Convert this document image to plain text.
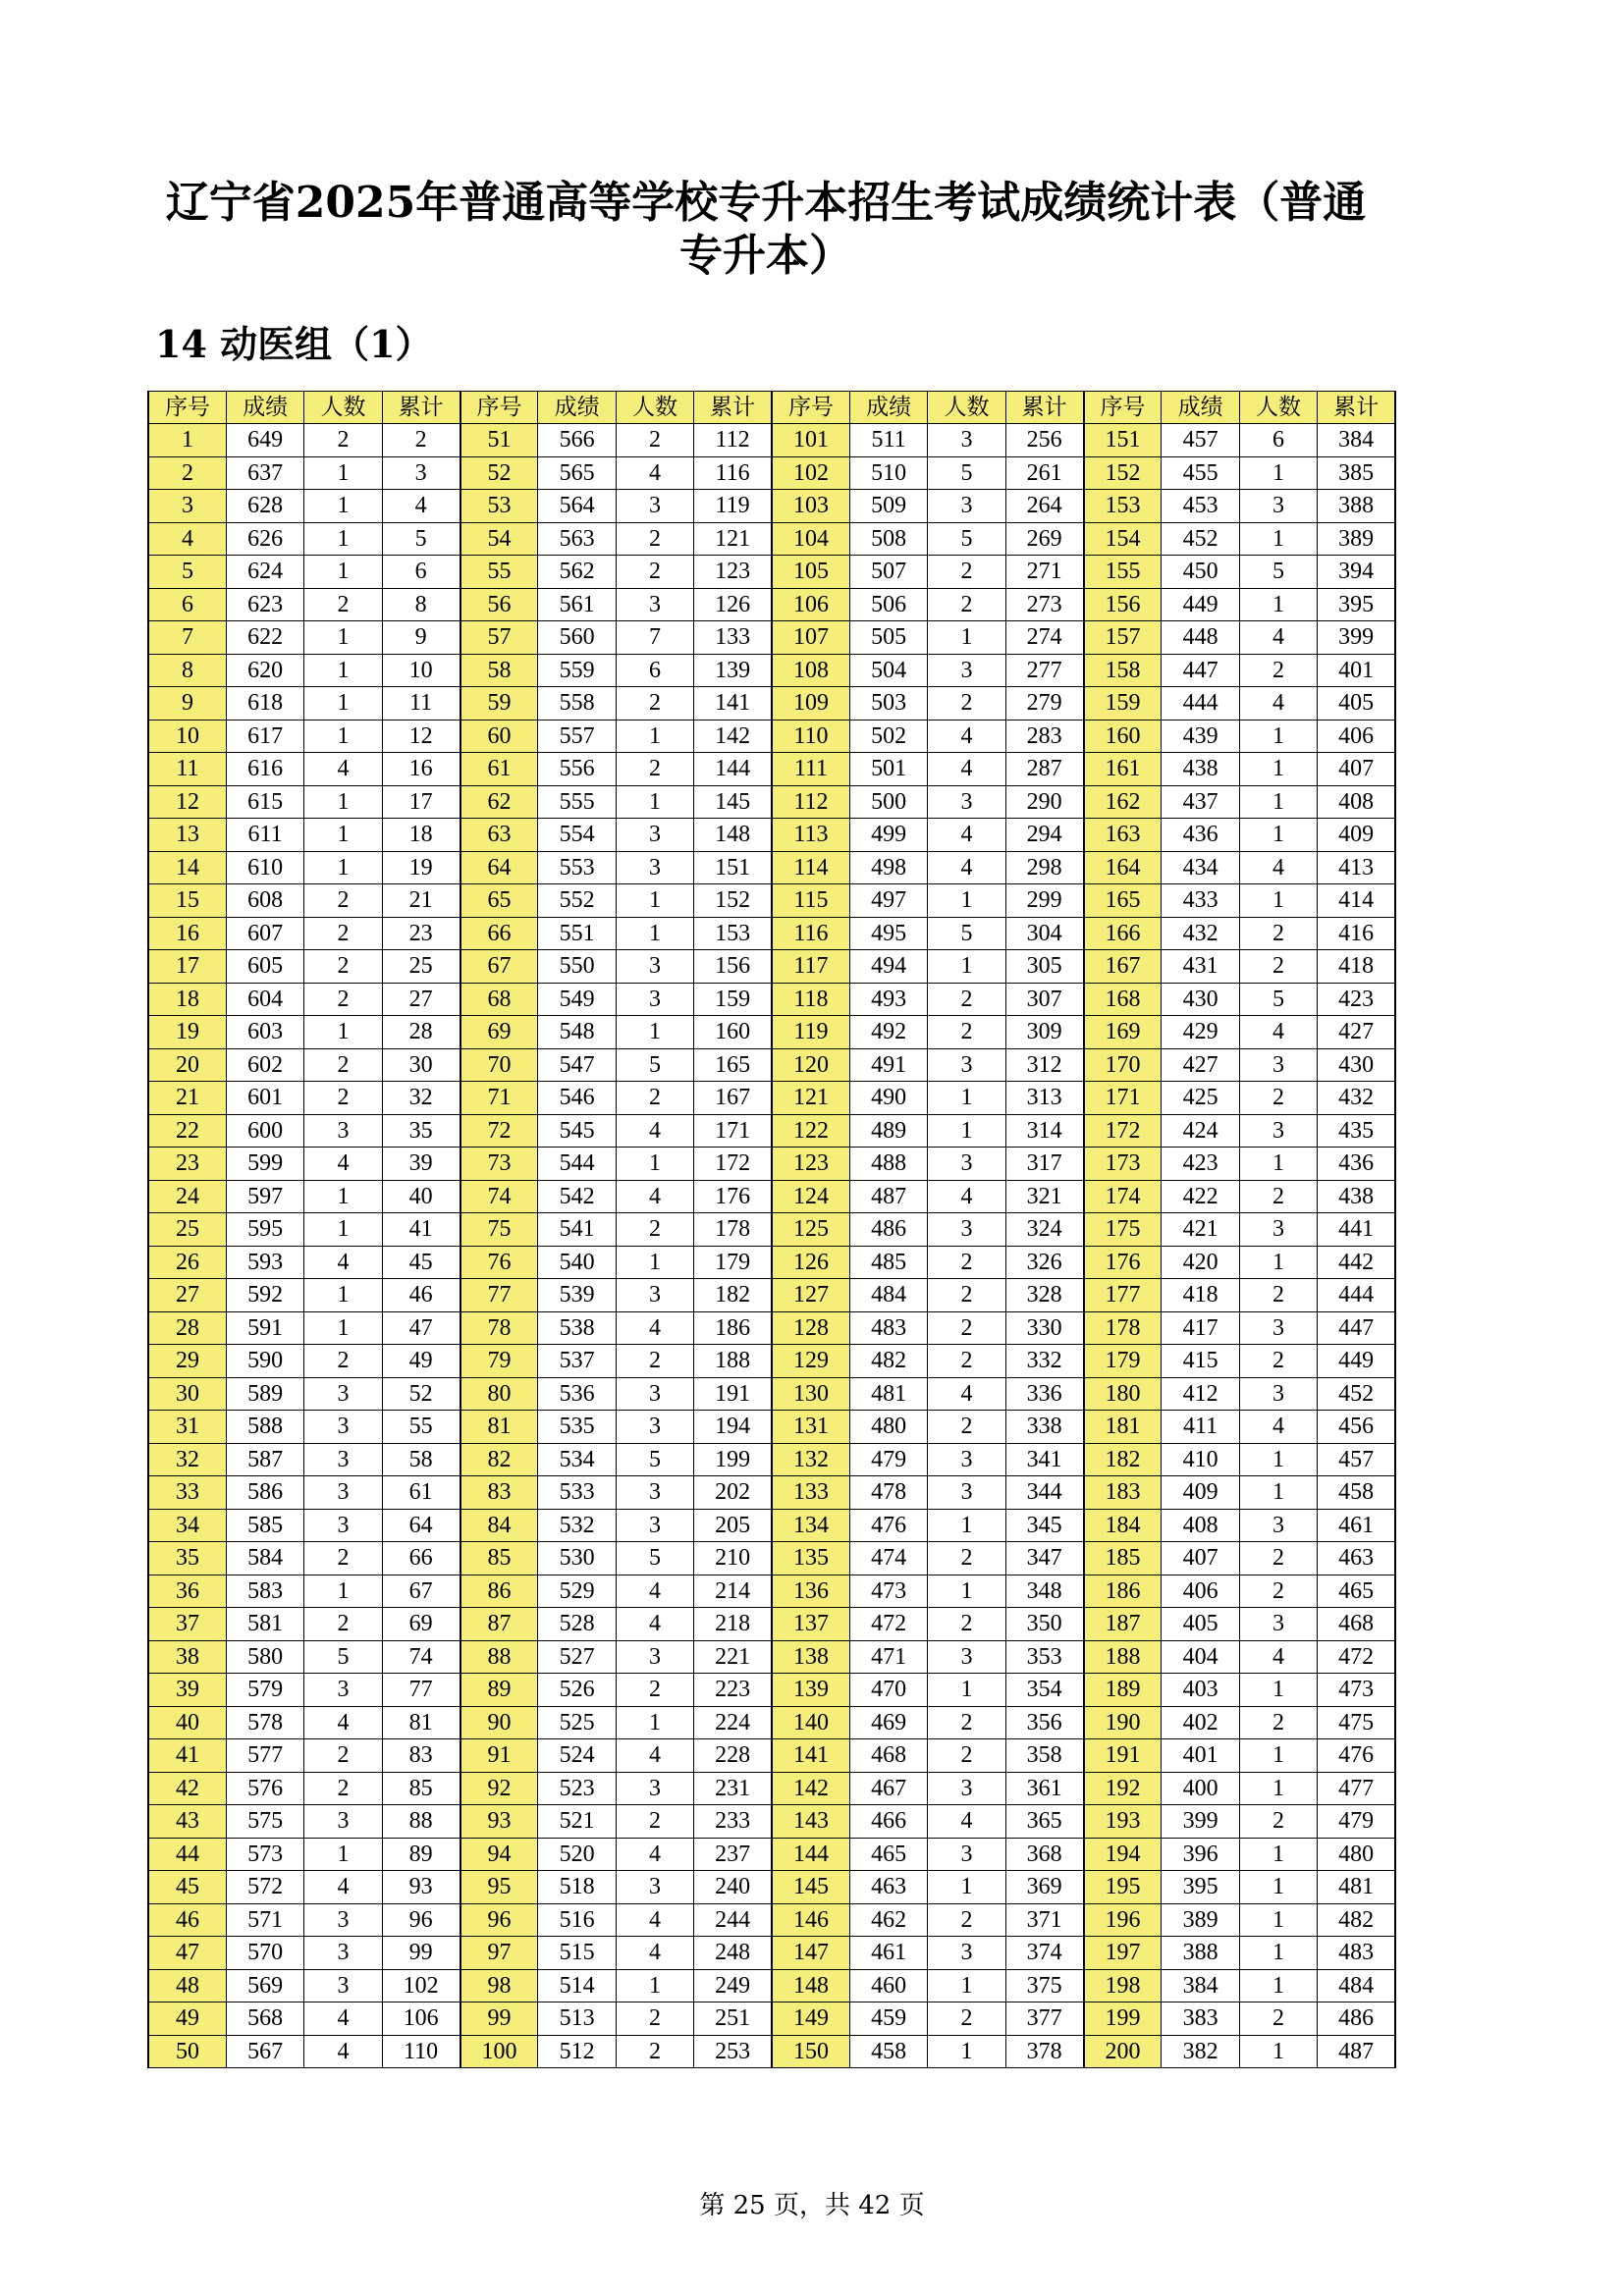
辽宁省2025年普通高等学校专升本招生考试成绩统计表（普通专升本）
14 动医组（1）
序号	成绩	人数	累计	序号	成绩	人数	累计	序号	成绩	人数	累计	序号	成绩	人数	累计
1	649	2	2	51	566	2	112	101	511	3	256	151	457	6	384
2	637	1	3	52	565	4	116	102	510	5	261	152	455	1	385
3	628	1	4	53	564	3	119	103	509	3	264	153	453	3	388
4	626	1	5	54	563	2	121	104	508	5	269	154	452	1	389
5	624	1	6	55	562	2	123	105	507	2	271	155	450	5	394
6	623	2	8	56	561	3	126	106	506	2	273	156	449	1	395
7	622	1	9	57	560	7	133	107	505	1	274	157	448	4	399
8	620	1	10	58	559	6	139	108	504	3	277	158	447	2	401
9	618	1	11	59	558	2	141	109	503	2	279	159	444	4	405
10	617	1	12	60	557	1	142	110	502	4	283	160	439	1	406
11	616	4	16	61	556	2	144	111	501	4	287	161	438	1	407
12	615	1	17	62	555	1	145	112	500	3	290	162	437	1	408
13	611	1	18	63	554	3	148	113	499	4	294	163	436	1	409
14	610	1	19	64	553	3	151	114	498	4	298	164	434	4	413
15	608	2	21	65	552	1	152	115	497	1	299	165	433	1	414
16	607	2	23	66	551	1	153	116	495	5	304	166	432	2	416
17	605	2	25	67	550	3	156	117	494	1	305	167	431	2	418
18	604	2	27	68	549	3	159	118	493	2	307	168	430	5	423
19	603	1	28	69	548	1	160	119	492	2	309	169	429	4	427
20	602	2	30	70	547	5	165	120	491	3	312	170	427	3	430
21	601	2	32	71	546	2	167	121	490	1	313	171	425	2	432
22	600	3	35	72	545	4	171	122	489	1	314	172	424	3	435
23	599	4	39	73	544	1	172	123	488	3	317	173	423	1	436
24	597	1	40	74	542	4	176	124	487	4	321	174	422	2	438
25	595	1	41	75	541	2	178	125	486	3	324	175	421	3	441
26	593	4	45	76	540	1	179	126	485	2	326	176	420	1	442
27	592	1	46	77	539	3	182	127	484	2	328	177	418	2	444
28	591	1	47	78	538	4	186	128	483	2	330	178	417	3	447
29	590	2	49	79	537	2	188	129	482	2	332	179	415	2	449
30	589	3	52	80	536	3	191	130	481	4	336	180	412	3	452
31	588	3	55	81	535	3	194	131	480	2	338	181	411	4	456
32	587	3	58	82	534	5	199	132	479	3	341	182	410	1	457
33	586	3	61	83	533	3	202	133	478	3	344	183	409	1	458
34	585	3	64	84	532	3	205	134	476	1	345	184	408	3	461
35	584	2	66	85	530	5	210	135	474	2	347	185	407	2	463
36	583	1	67	86	529	4	214	136	473	1	348	186	406	2	465
37	581	2	69	87	528	4	218	137	472	2	350	187	405	3	468
38	580	5	74	88	527	3	221	138	471	3	353	188	404	4	472
39	579	3	77	89	526	2	223	139	470	1	354	189	403	1	473
40	578	4	81	90	525	1	224	140	469	2	356	190	402	2	475
41	577	2	83	91	524	4	228	141	468	2	358	191	401	1	476
42	576	2	85	92	523	3	231	142	467	3	361	192	400	1	477
43	575	3	88	93	521	2	233	143	466	4	365	193	399	2	479
44	573	1	89	94	520	4	237	144	465	3	368	194	396	1	480
45	572	4	93	95	518	3	240	145	463	1	369	195	395	1	481
46	571	3	96	96	516	4	244	146	462	2	371	196	389	1	482
47	570	3	99	97	515	4	248	147	461	3	374	197	388	1	483
48	569	3	102	98	514	1	249	148	460	1	375	198	384	1	484
49	568	4	106	99	513	2	251	149	459	2	377	199	383	2	486
50	567	4	110	100	512	2	253	150	458	1	378	200	382	1	487
第 25 页，共 42 页
